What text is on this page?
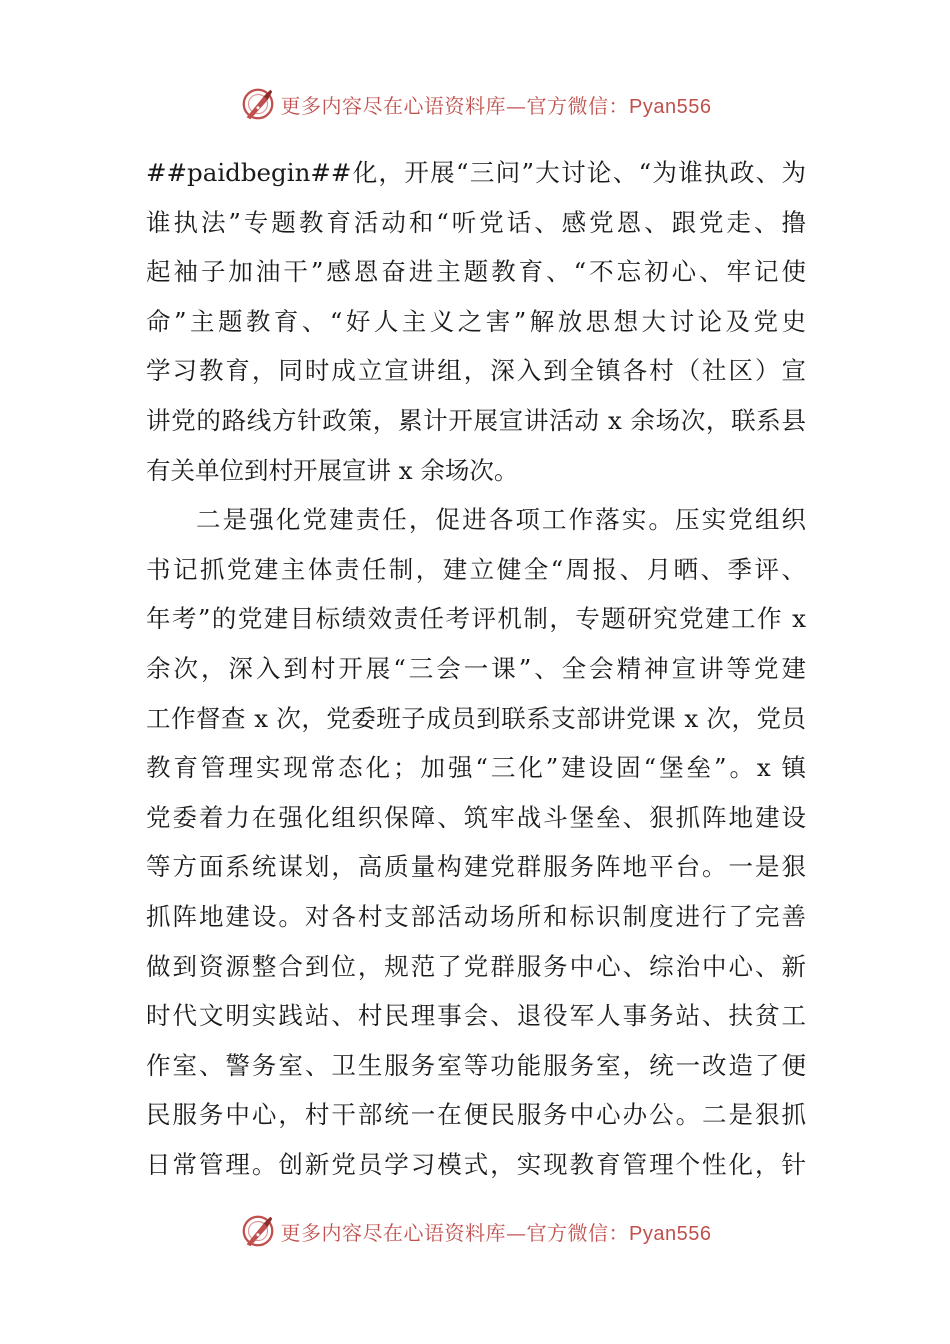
更多内容尽在心语资料库—官方微信：Pyan556
##paidbegin##化，开展“三问”大讨论、“为谁执政、为
谁执法”专题教育活动和“听党话、感党恩、跟党走、撸
起袖子加油干”感恩奋进主题教育、“不忘初心、牢记使
命”主题教育、“好人主义之害”解放思想大讨论及党史
学习教育，同时成立宣讲组，深入到全镇各村（社区）宣
讲党的路线方针政策，累计开展宣讲活动 x 余场次，联系县
有关单位到村开展宣讲 x 余场次。
二是强化党建责任，促进各项工作落实。压实党组织
书记抓党建主体责任制，建立健全“周报、月晒、季评、
年考”的党建目标绩效责任考评机制，专题研究党建工作 x
余次，深入到村开展“三会一课”、全会精神宣讲等党建
工作督查 x 次，党委班子成员到联系支部讲党课 x 次，党员
教育管理实现常态化；加强“三化”建设固“堡垒”。x 镇
党委着力在强化组织保障、筑牢战斗堡垒、狠抓阵地建设
等方面系统谋划，高质量构建党群服务阵地平台。一是狠
抓阵地建设。对各村支部活动场所和标识制度进行了完善
做到资源整合到位，规范了党群服务中心、综治中心、新
时代文明实践站、村民理事会、退役军人事务站、扶贫工
作室、警务室、卫生服务室等功能服务室，统一改造了便
民服务中心，村干部统一在便民服务中心办公。二是狠抓
日常管理。创新党员学习模式，实现教育管理个性化，针
更多内容尽在心语资料库—官方微信：Pyan556
